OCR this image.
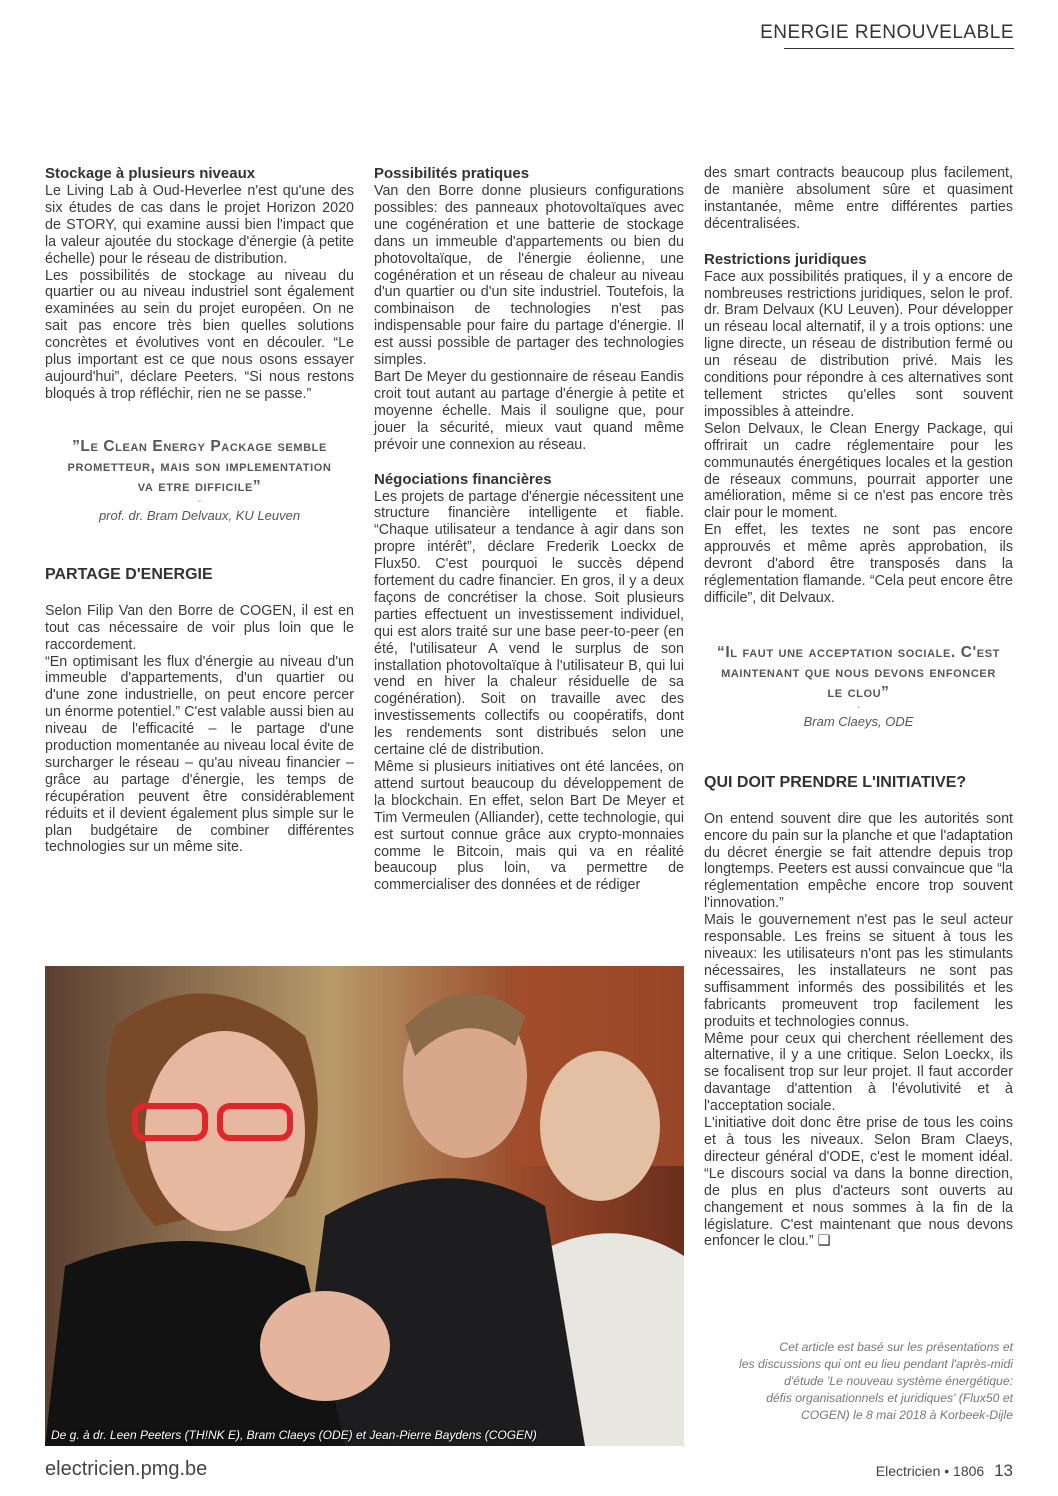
ENERGIE RENOUVELABLE
Stockage à plusieurs niveaux

Le Living Lab à Oud-Heverlee n'est qu'une des six études de cas dans le projet Horizon 2020 de STORY, qui examine aussi bien l'impact que la valeur ajoutée du stockage d'énergie (à petite échelle) pour le réseau de distribution.

Les possibilités de stockage au niveau du quartier ou au niveau industriel sont également examinées au sein du projet européen. On ne sait pas encore très bien quelles solutions concrètes et évolutives vont en découler. “Le plus important est ce que nous osons essayer aujourd'hui”, déclare Peeters. “Si nous restons bloqués à trop réfléchir, rien ne se passe.”

”Le Clean Energy Package semble prometteur, mais son implementation va etre difficile”
-
prof. dr. Bram Delvaux, KU Leuven
PARTAGE D'ENERGIE

Selon Filip Van den Borre de COGEN, il est en tout cas nécessaire de voir plus loin que le raccordement.

“En optimisant les flux d'énergie au niveau d'un immeuble d'appartements, d'un quartier ou d'une zone industrielle, on peut encore percer un énorme potentiel.” C'est valable aussi bien au niveau de l'efficacité – le partage d'une production momentanée au niveau local évite de surcharger le réseau – qu'au niveau financier – grâce au partage d'énergie, les temps de récupération peuvent être considérablement réduits et il devient également plus simple sur le plan budgétaire de combiner différentes technologies sur un même site.

Possibilités pratiques

Van den Borre donne plusieurs configurations possibles: des panneaux photovoltaïques avec une cogénération et une batterie de stockage dans un immeuble d'appartements ou bien du photovoltaïque, de l'énergie éolienne, une cogénération et un réseau de chaleur au niveau d'un quartier ou d'un site industriel. Toutefois, la combinaison de technologies n'est pas indispensable pour faire du partage d'énergie. Il est aussi possible de partager des technologies simples.

Bart De Meyer du gestionnaire de réseau Eandis croit tout autant au partage d'énergie à petite et moyenne échelle. Mais il souligne que, pour jouer la sécurité, mieux vaut quand même prévoir une connexion au réseau.

Négociations financières

Les projets de partage d'énergie nécessitent une structure financière intelligente et fiable. “Chaque utilisateur a tendance à agir dans son propre intérêt”, déclare Frederik Loeckx de Flux50. C'est pourquoi le succès dépend fortement du cadre financier. En gros, il y a deux façons de concrétiser la chose. Soit plusieurs parties effectuent un investissement individuel, qui est alors traité sur une base peer-to-peer (en été, l'utilisateur A vend le surplus de son installation photovoltaïque à l'utilisateur B, qui lui vend en hiver la chaleur résiduelle de sa cogénération). Soit on travaille avec des investissements collectifs ou coopératifs, dont les rendements sont distribués selon une certaine clé de distribution.

Même si plusieurs initiatives ont été lancées, on attend surtout beaucoup du développement de la blockchain. En effet, selon Bart De Meyer et Tim Vermeulen (Alliander), cette technologie, qui est surtout connue grâce aux crypto-monnaies comme le Bitcoin, mais qui va en réalité beaucoup plus loin, va permettre de commercialiser des données et de rédiger

des smart contracts beaucoup plus facilement, de manière absolument sûre et quasiment instantanée, même entre différentes parties décentralisées.

Restrictions juridiques

Face aux possibilités pratiques, il y a encore de nombreuses restrictions juridiques, selon le prof. dr. Bram Delvaux (KU Leuven). Pour développer un réseau local alternatif, il y a trois options: une ligne directe, un réseau de distribution fermé ou un réseau de distribution privé. Mais les conditions pour répondre à ces alternatives sont tellement strictes qu'elles sont souvent impossibles à atteindre.

Selon Delvaux, le Clean Energy Package, qui offrirait un cadre réglementaire pour les communautés énergétiques locales et la gestion de réseaux communs, pourrait apporter une amélioration, même si ce n'est pas encore très clair pour le moment.

En effet, les textes ne sont pas encore approuvés et même après approbation, ils devront d'abord être transposés dans la réglementation flamande. “Cela peut encore être difficile”, dit Delvaux.

“Il faut une acceptation sociale. C'est maintenant que nous devons enfoncer le clou”
-
Bram Claeys, ODE
QUI DOIT PRENDRE L'INITIATIVE?

On entend souvent dire que les autorités sont encore du pain sur la planche et que l'adaptation du décret énergie se fait attendre depuis trop longtemps. Peeters est aussi convaincue que “la réglementation empêche encore trop souvent l'innovation.”

Mais le gouvernement n'est pas le seul acteur responsable. Les freins se situent à tous les niveaux: les utilisateurs n'ont pas les stimulants nécessaires, les installateurs ne sont pas suffisamment informés des possibilités et les fabricants promeuvent trop facilement les produits et technologies connus.

Même pour ceux qui cherchent réellement des alternative, il y a une critique. Selon Loeckx, ils se focalisent trop sur leur projet. Il faut accorder davantage d'attention à l'évolutivité et à l'acceptation sociale.

L'initiative doit donc être prise de tous les coins et à tous les niveaux. Selon Bram Claeys, directeur général d'ODE, c'est le moment idéal. “Le discours social va dans la bonne direction, de plus en plus d'acteurs sont ouverts au changement et nous sommes à la fin de la législature. C'est maintenant que nous devons enfoncer le clou.” ❑

Cet article est basé sur les présentations et
les discussions qui ont eu lieu pendant l'après-midi
d'étude 'Le nouveau système énergétique:
défis organisationnels et juridiques' (Flux50 et
COGEN) le 8 mai 2018 à Korbeek-Dijle
De g. à dr. Leen Peeters (TH!NK E), Bram Claeys (ODE) et Jean-Pierre Baydens (COGEN)
electricien.pmg.be	Electricien • 1806 13
